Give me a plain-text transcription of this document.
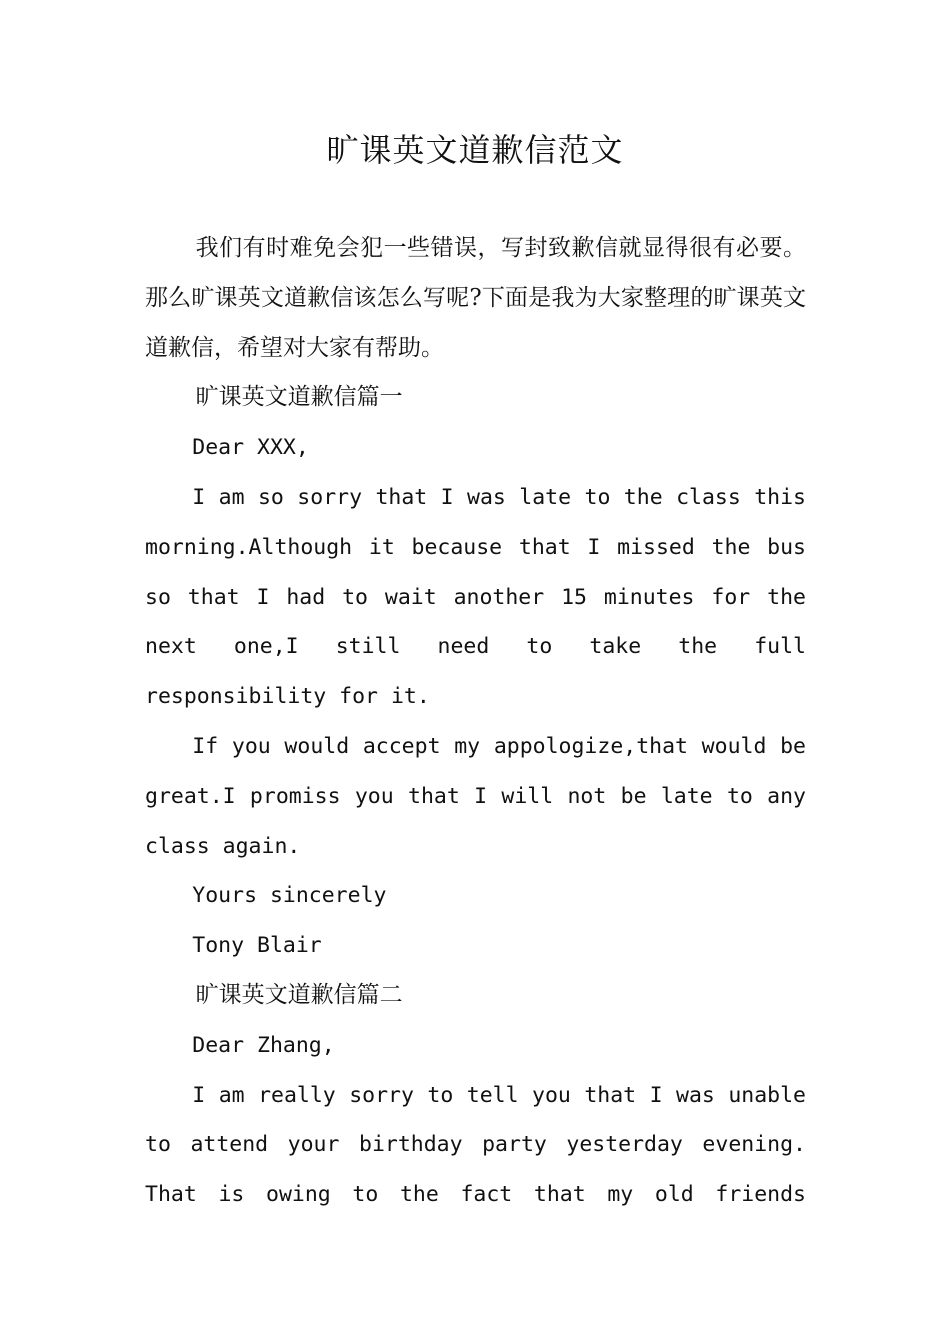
旷课英文道歉信范文

我们有时难免会犯一些错误，写封致歉信就显得很有必要。那么旷课英文道歉信该怎么写呢?下面是我为大家整理的旷课英文道歉信，希望对大家有帮助。

旷课英文道歉信篇一

Dear XXX,

I am so sorry that I was late to the class this morning.Although it because that I missed the bus so that I had to wait another 15 minutes for the next one,I still need to take the full responsibility for it.

If you would accept my appologize,that would be great.I promiss you that I will not be late to any class again.

Yours sincerely

Tony Blair

旷课英文道歉信篇二

Dear Zhang,

I am really sorry to tell you that I was unable to attend your birthday party yesterday evening. That is owing to the fact that my old friends
